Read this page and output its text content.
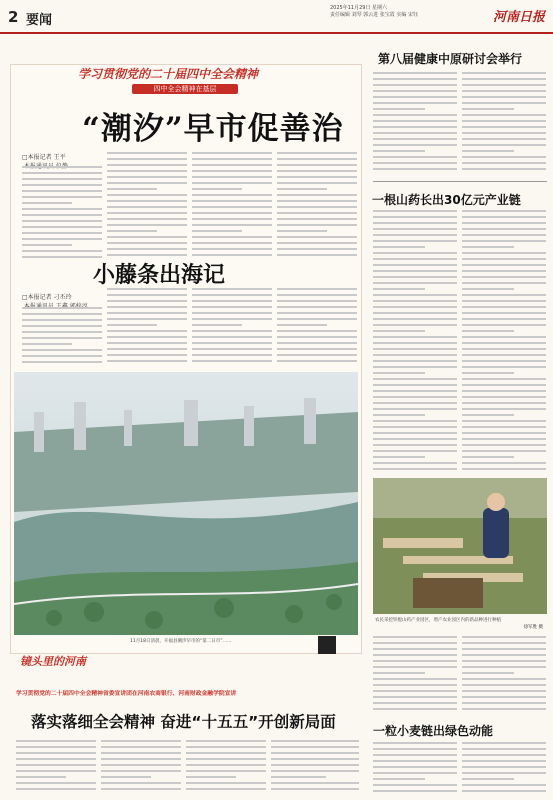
2 要闻
2025年11月29日 星期六
责任编辑 刘琴 郭云进 张宝霞 实编 宋钰	河南日报
学习贯彻党的二十届四中全会精神
四中全会精神在基层
“潮汐”早市促善治
□本报记者 王平

小藤条出海记
□本报记者 刁丕玲

11月18日清晨，开福县潮汐早市的“第二日市”……
镜头里的河南
学习贯彻党的二十届四中全会精神省委宣讲团在河南农商银行、河南财政金融学院宣讲
落实落细全会精神 奋进“十五五”开创新局面
第八届健康中原研讨会举行
一根山药长出30亿元产业链
农民采挖铁棍山药产业园区，增产农业园区内的新品种进行种植
徐军胜 摄
一粒小麦链出绿色动能
